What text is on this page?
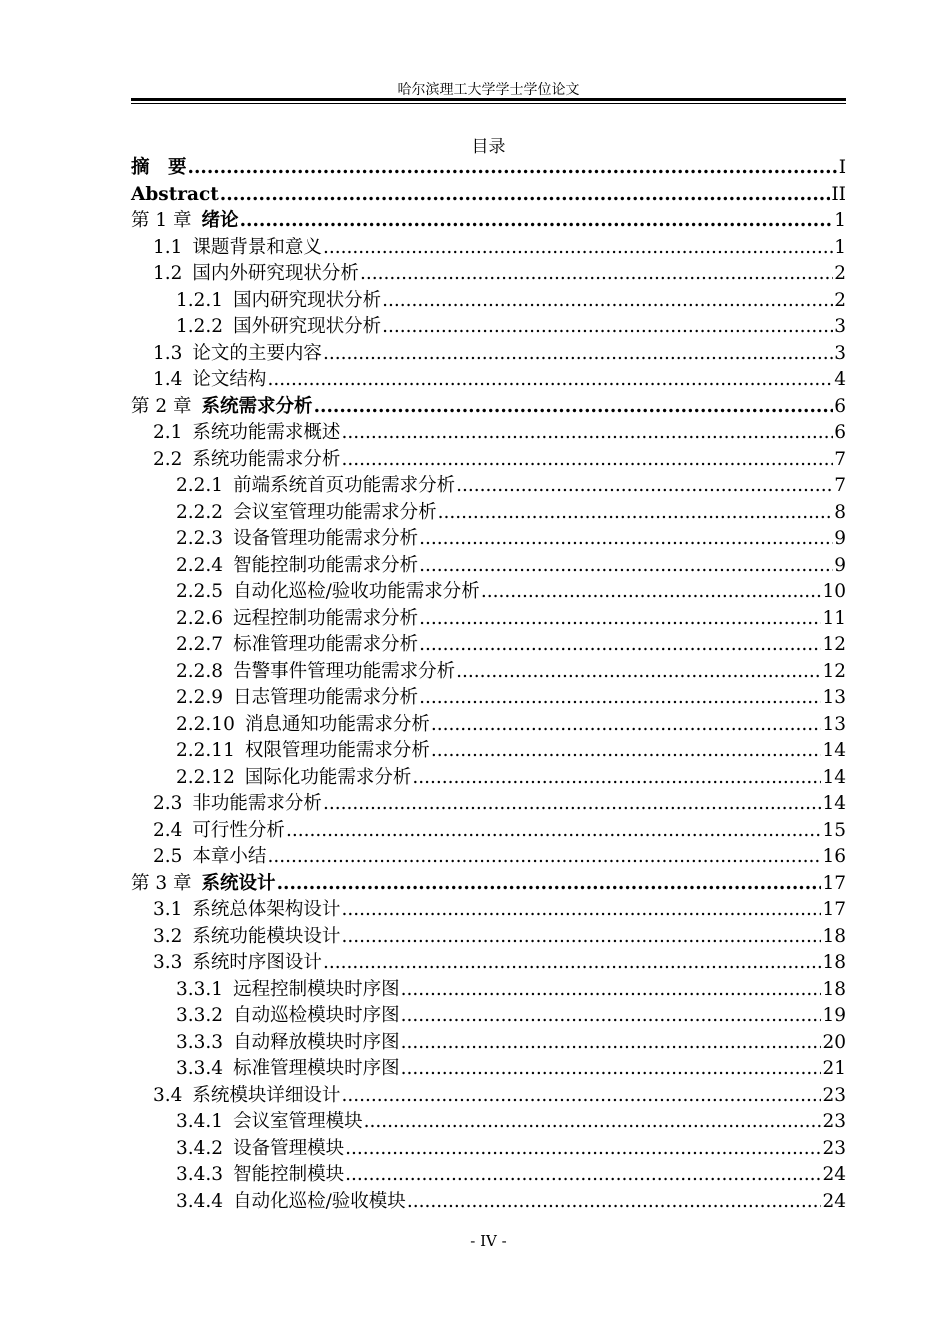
哈尔滨理工大学学士学位论文
目录
摘　要 .....	I
Abstract .....	II
第 1 章 绪论 .....	1
1.1 课题背景和意义 .....	1
1.2 国内外研究现状分析 .....	2
1.2.1 国内研究现状分析 .....	2
1.2.2 国外研究现状分析 .....	3
1.3 论文的主要内容 .....	3
1.4 论文结构 .....	4
第 2 章 系统需求分析 .....	6
2.1 系统功能需求概述 .....	6
2.2 系统功能需求分析 .....	7
2.2.1 前端系统首页功能需求分析 .....	7
2.2.2 会议室管理功能需求分析 .....	8
2.2.3 设备管理功能需求分析 .....	9
2.2.4 智能控制功能需求分析 .....	9
2.2.5 自动化巡检/验收功能需求分析 .....	10
2.2.6 远程控制功能需求分析 .....	11
2.2.7 标准管理功能需求分析 .....	12
2.2.8 告警事件管理功能需求分析 .....	12
2.2.9 日志管理功能需求分析 .....	13
2.2.10 消息通知功能需求分析 .....	13
2.2.11 权限管理功能需求分析 .....	14
2.2.12 国际化功能需求分析 .....	14
2.3 非功能需求分析 .....	14
2.4 可行性分析 .....	15
2.5 本章小结 .....	16
第 3 章 系统设计 .....	17
3.1 系统总体架构设计 .....	17
3.2 系统功能模块设计 .....	18
3.3 系统时序图设计 .....	18
3.3.1 远程控制模块时序图 .....	18
3.3.2 自动巡检模块时序图 .....	19
3.3.3 自动释放模块时序图 .....	20
3.3.4 标准管理模块时序图 .....	21
3.4 系统模块详细设计 .....	23
3.4.1 会议室管理模块 .....	23
3.4.2 设备管理模块 .....	23
3.4.3 智能控制模块 .....	24
3.4.4 自动化巡检/验收模块 .....	24
- IV -
